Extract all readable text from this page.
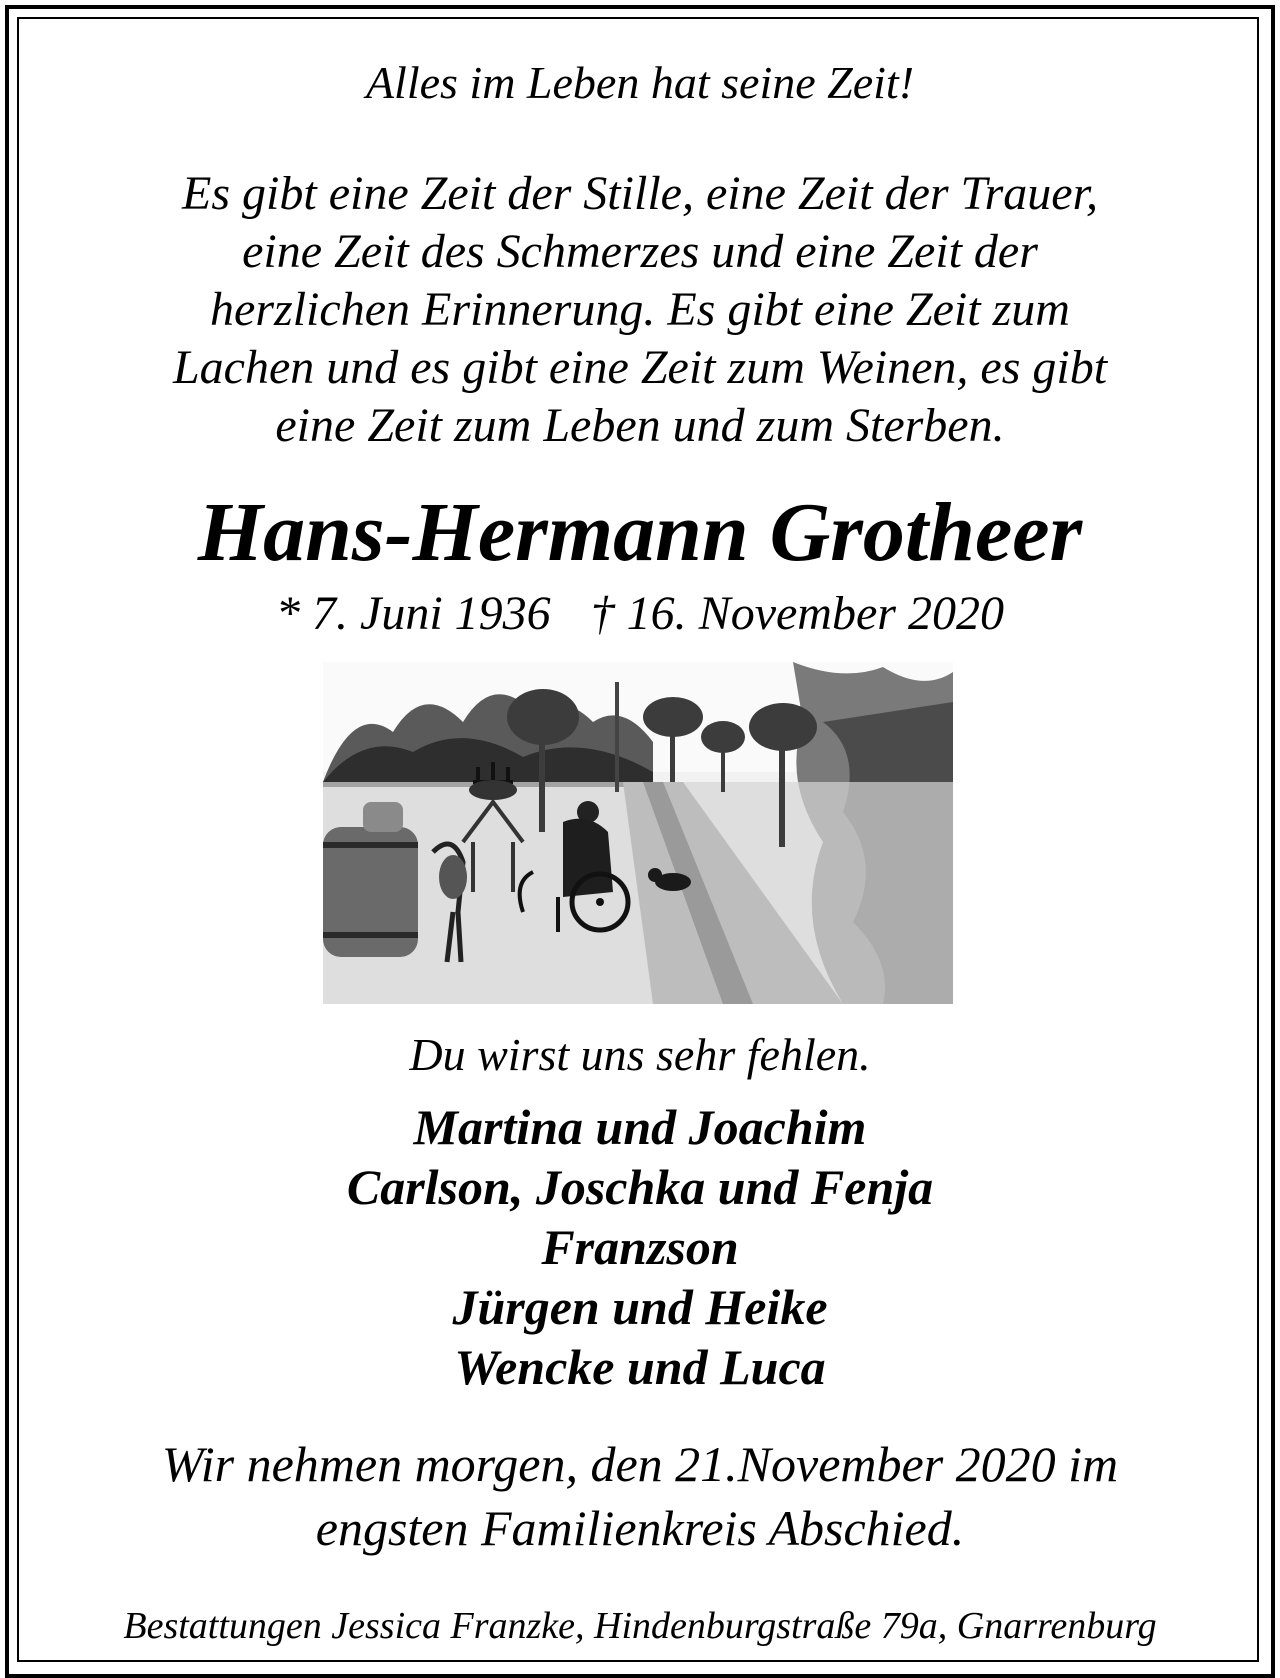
Alles im Leben hat seine Zeit!
Es gibt eine Zeit der Stille, eine Zeit der Trauer,
eine Zeit des Schmerzes und eine Zeit der
herzlichen Erinnerung. Es gibt eine Zeit zum
Lachen und es gibt eine Zeit zum Weinen, es gibt
eine Zeit zum Leben und zum Sterben.
Hans-Hermann Grotheer
* 7. Juni 1936 † 16. November 2020
Du wirst uns sehr fehlen.
Martina und Joachim
Carlson, Joschka und Fenja
Franzson
Jürgen und Heike
Wencke und Luca
Wir nehmen morgen, den 21.November 2020 im
engsten Familienkreis Abschied.
Bestattungen Jessica Franzke, Hindenburgstraße 79a, Gnarrenburg
